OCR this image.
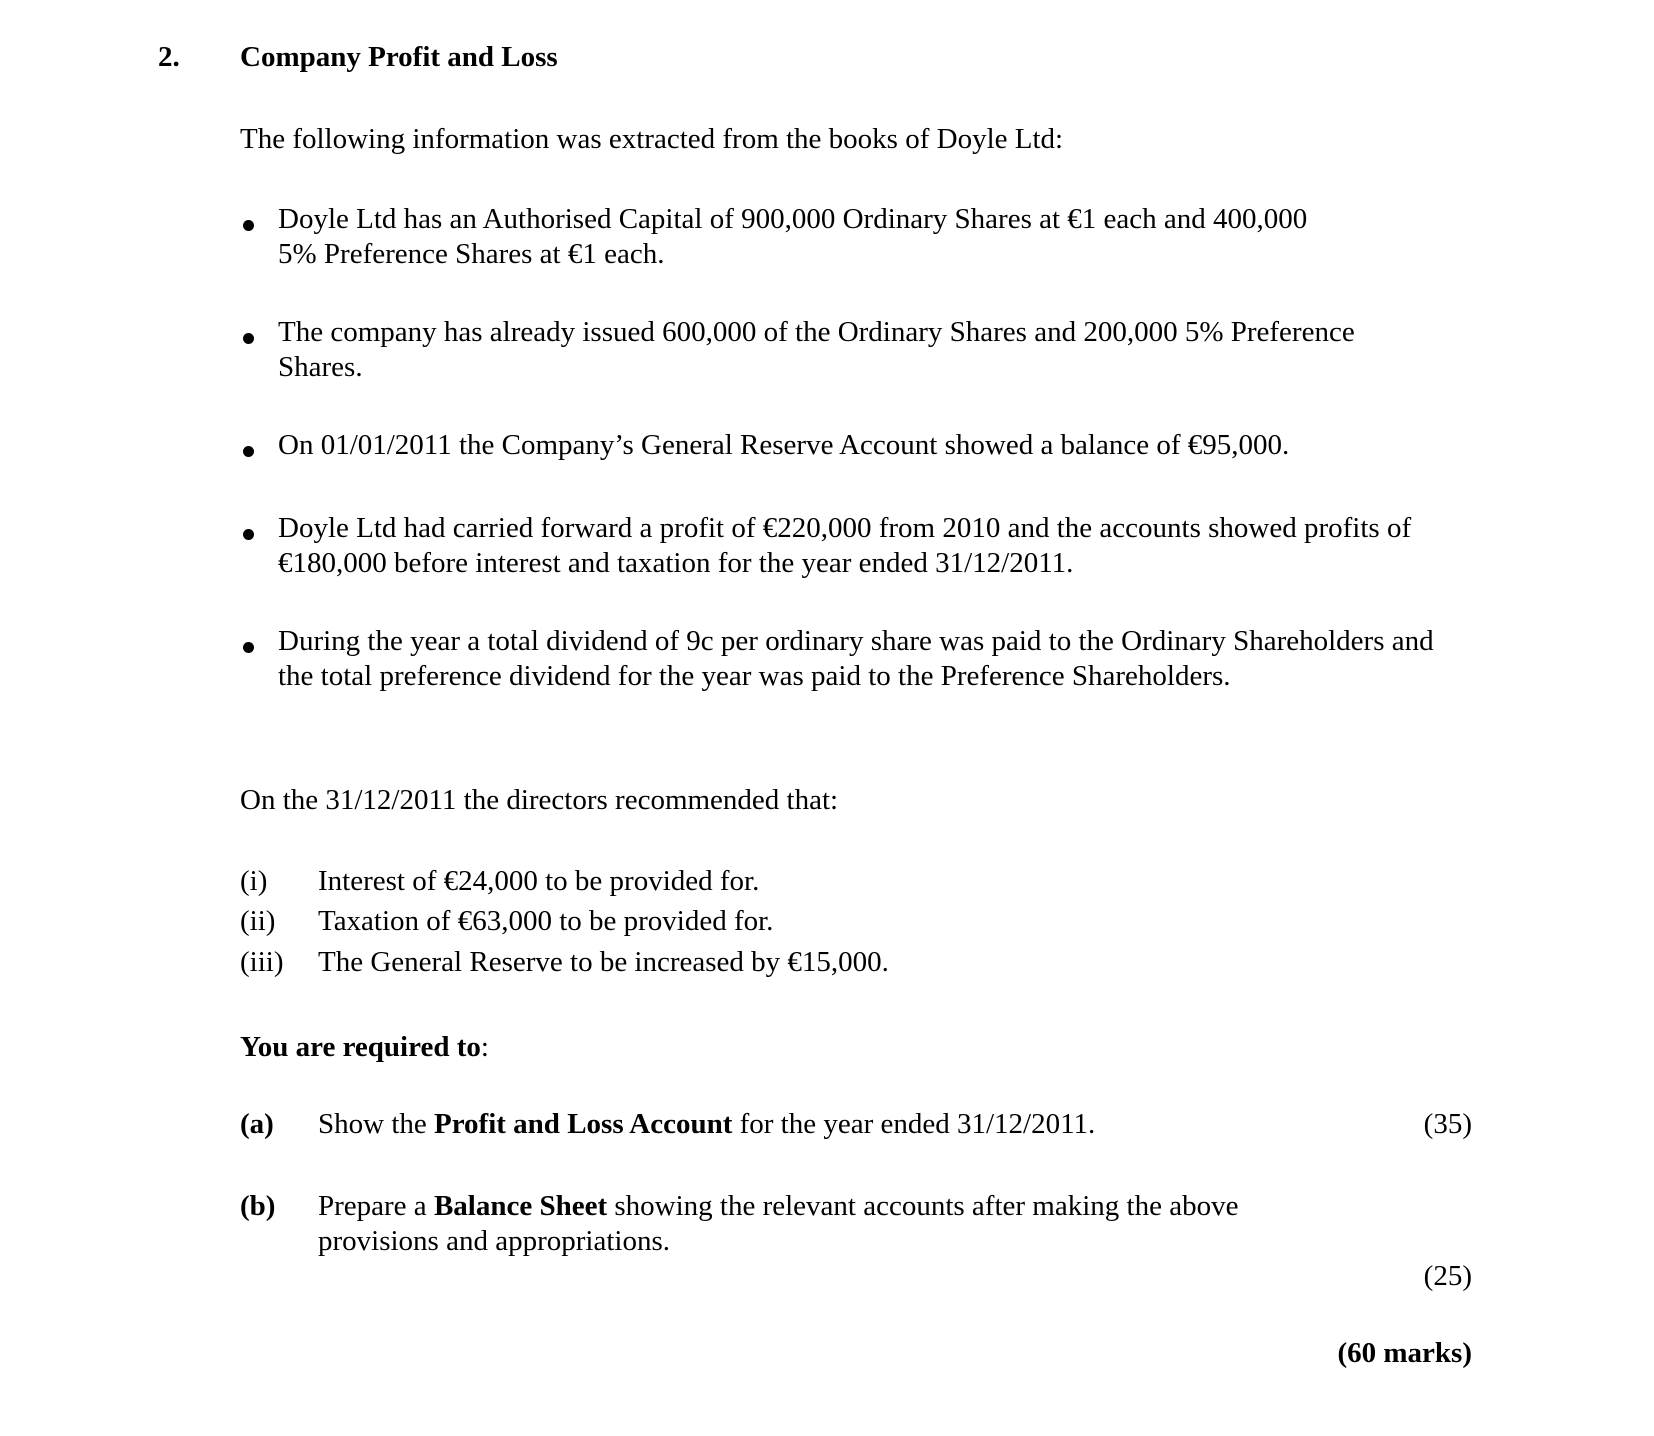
2. Company Profit and Loss
The following information was extracted from the books of Doyle Ltd:
Doyle Ltd has an Authorised Capital of 900,000 Ordinary Shares at €1 each and 400,000
5% Preference Shares at €1 each.
The company has already issued 600,000 of the Ordinary Shares and 200,000 5% Preference
Shares.
On 01/01/2011 the Company’s General Reserve Account showed a balance of €95,000.
Doyle Ltd had carried forward a profit of €220,000 from 2010 and the accounts showed profits of
€180,000 before interest and taxation for the year ended 31/12/2011.
During the year a total dividend of 9c per ordinary share was paid to the Ordinary Shareholders and
the total preference dividend for the year was paid to the Preference Shareholders.
On the 31/12/2011 the directors recommended that:
(i) Interest of €24,000 to be provided for.
(ii) Taxation of €63,000 to be provided for.
(iii) The General Reserve to be increased by €15,000.
You are required to:
(a) Show the Profit and Loss Account for the year ended 31/12/2011.	(35)
(b) Prepare a Balance Sheet showing the relevant accounts after making the above
provisions and appropriations.
(25)
(60 marks)
